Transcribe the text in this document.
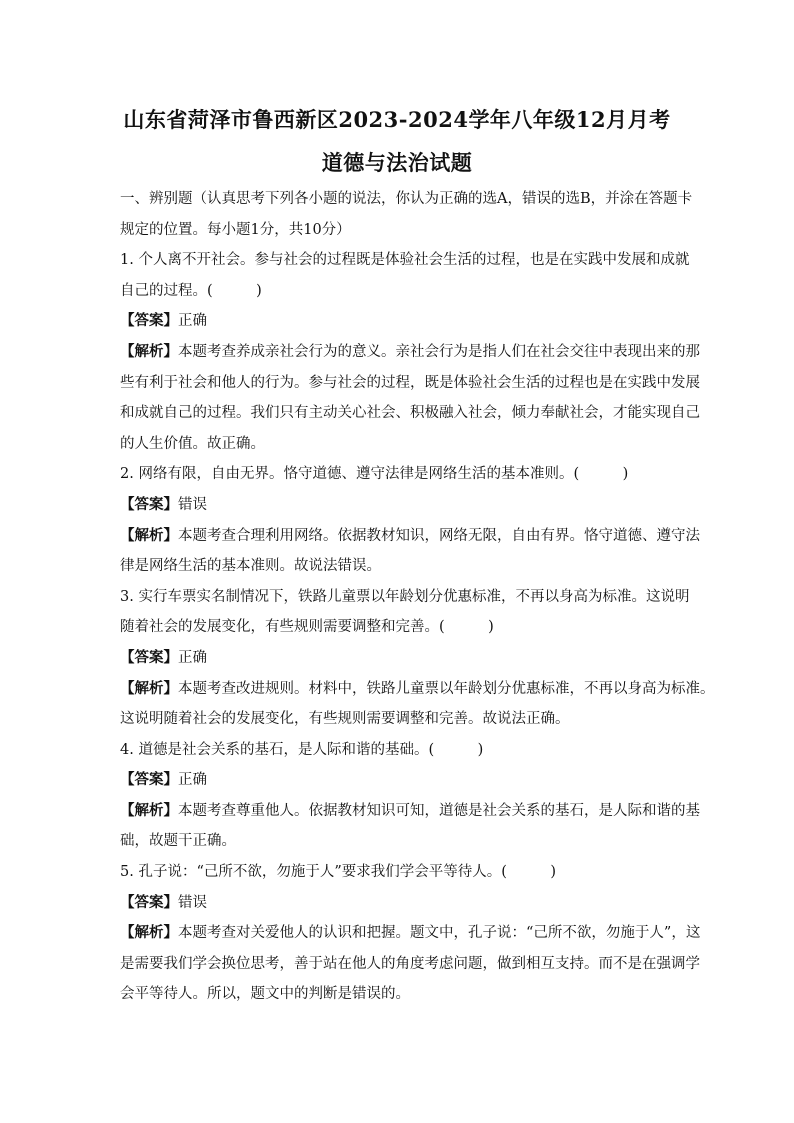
山东省菏泽市鲁西新区2023-2024学年八年级12月月考
道德与法治试题
一、辨别题（认真思考下列各小题的说法，你认为正确的选A，错误的选B，并涂在答题卡
规定的位置。每小题1分，共10分）
1. 个人离不开社会。参与社会的过程既是体验社会生活的过程，也是在实践中发展和成就
自己的过程。(　　　)
【答案】正确
【解析】本题考查养成亲社会行为的意义。亲社会行为是指人们在社会交往中表现出来的那
些有利于社会和他人的行为。参与社会的过程，既是体验社会生活的过程也是在实践中发展
和成就自己的过程。我们只有主动关心社会、积极融入社会，倾力奉献社会，才能实现自己
的人生价值。故正确。
2. 网络有限，自由无界。恪守道德、遵守法律是网络生活的基本准则。(　　　)
【答案】错误
【解析】本题考查合理利用网络。依据教材知识，网络无限，自由有界。恪守道德、遵守法
律是网络生活的基本准则。故说法错误。
3. 实行车票实名制情况下，铁路儿童票以年龄划分优惠标准，不再以身高为标准。这说明
随着社会的发展变化，有些规则需要调整和完善。(　　　)
【答案】正确
【解析】本题考查改进规则。材料中，铁路儿童票以年龄划分优惠标准，不再以身高为标准。
这说明随着社会的发展变化，有些规则需要调整和完善。故说法正确。
4. 道德是社会关系的基石，是人际和谐的基础。(　　　)
【答案】正确
【解析】本题考查尊重他人。依据教材知识可知，道德是社会关系的基石，是人际和谐的基
础，故题干正确。
5. 孔子说：“己所不欲，勿施于人”要求我们学会平等待人。(　　　)
【答案】错误
【解析】本题考查对关爱他人的认识和把握。题文中，孔子说：“己所不欲，勿施于人”，这
是需要我们学会换位思考，善于站在他人的角度考虑问题，做到相互支持。而不是在强调学
会平等待人。所以，题文中的判断是错误的。
